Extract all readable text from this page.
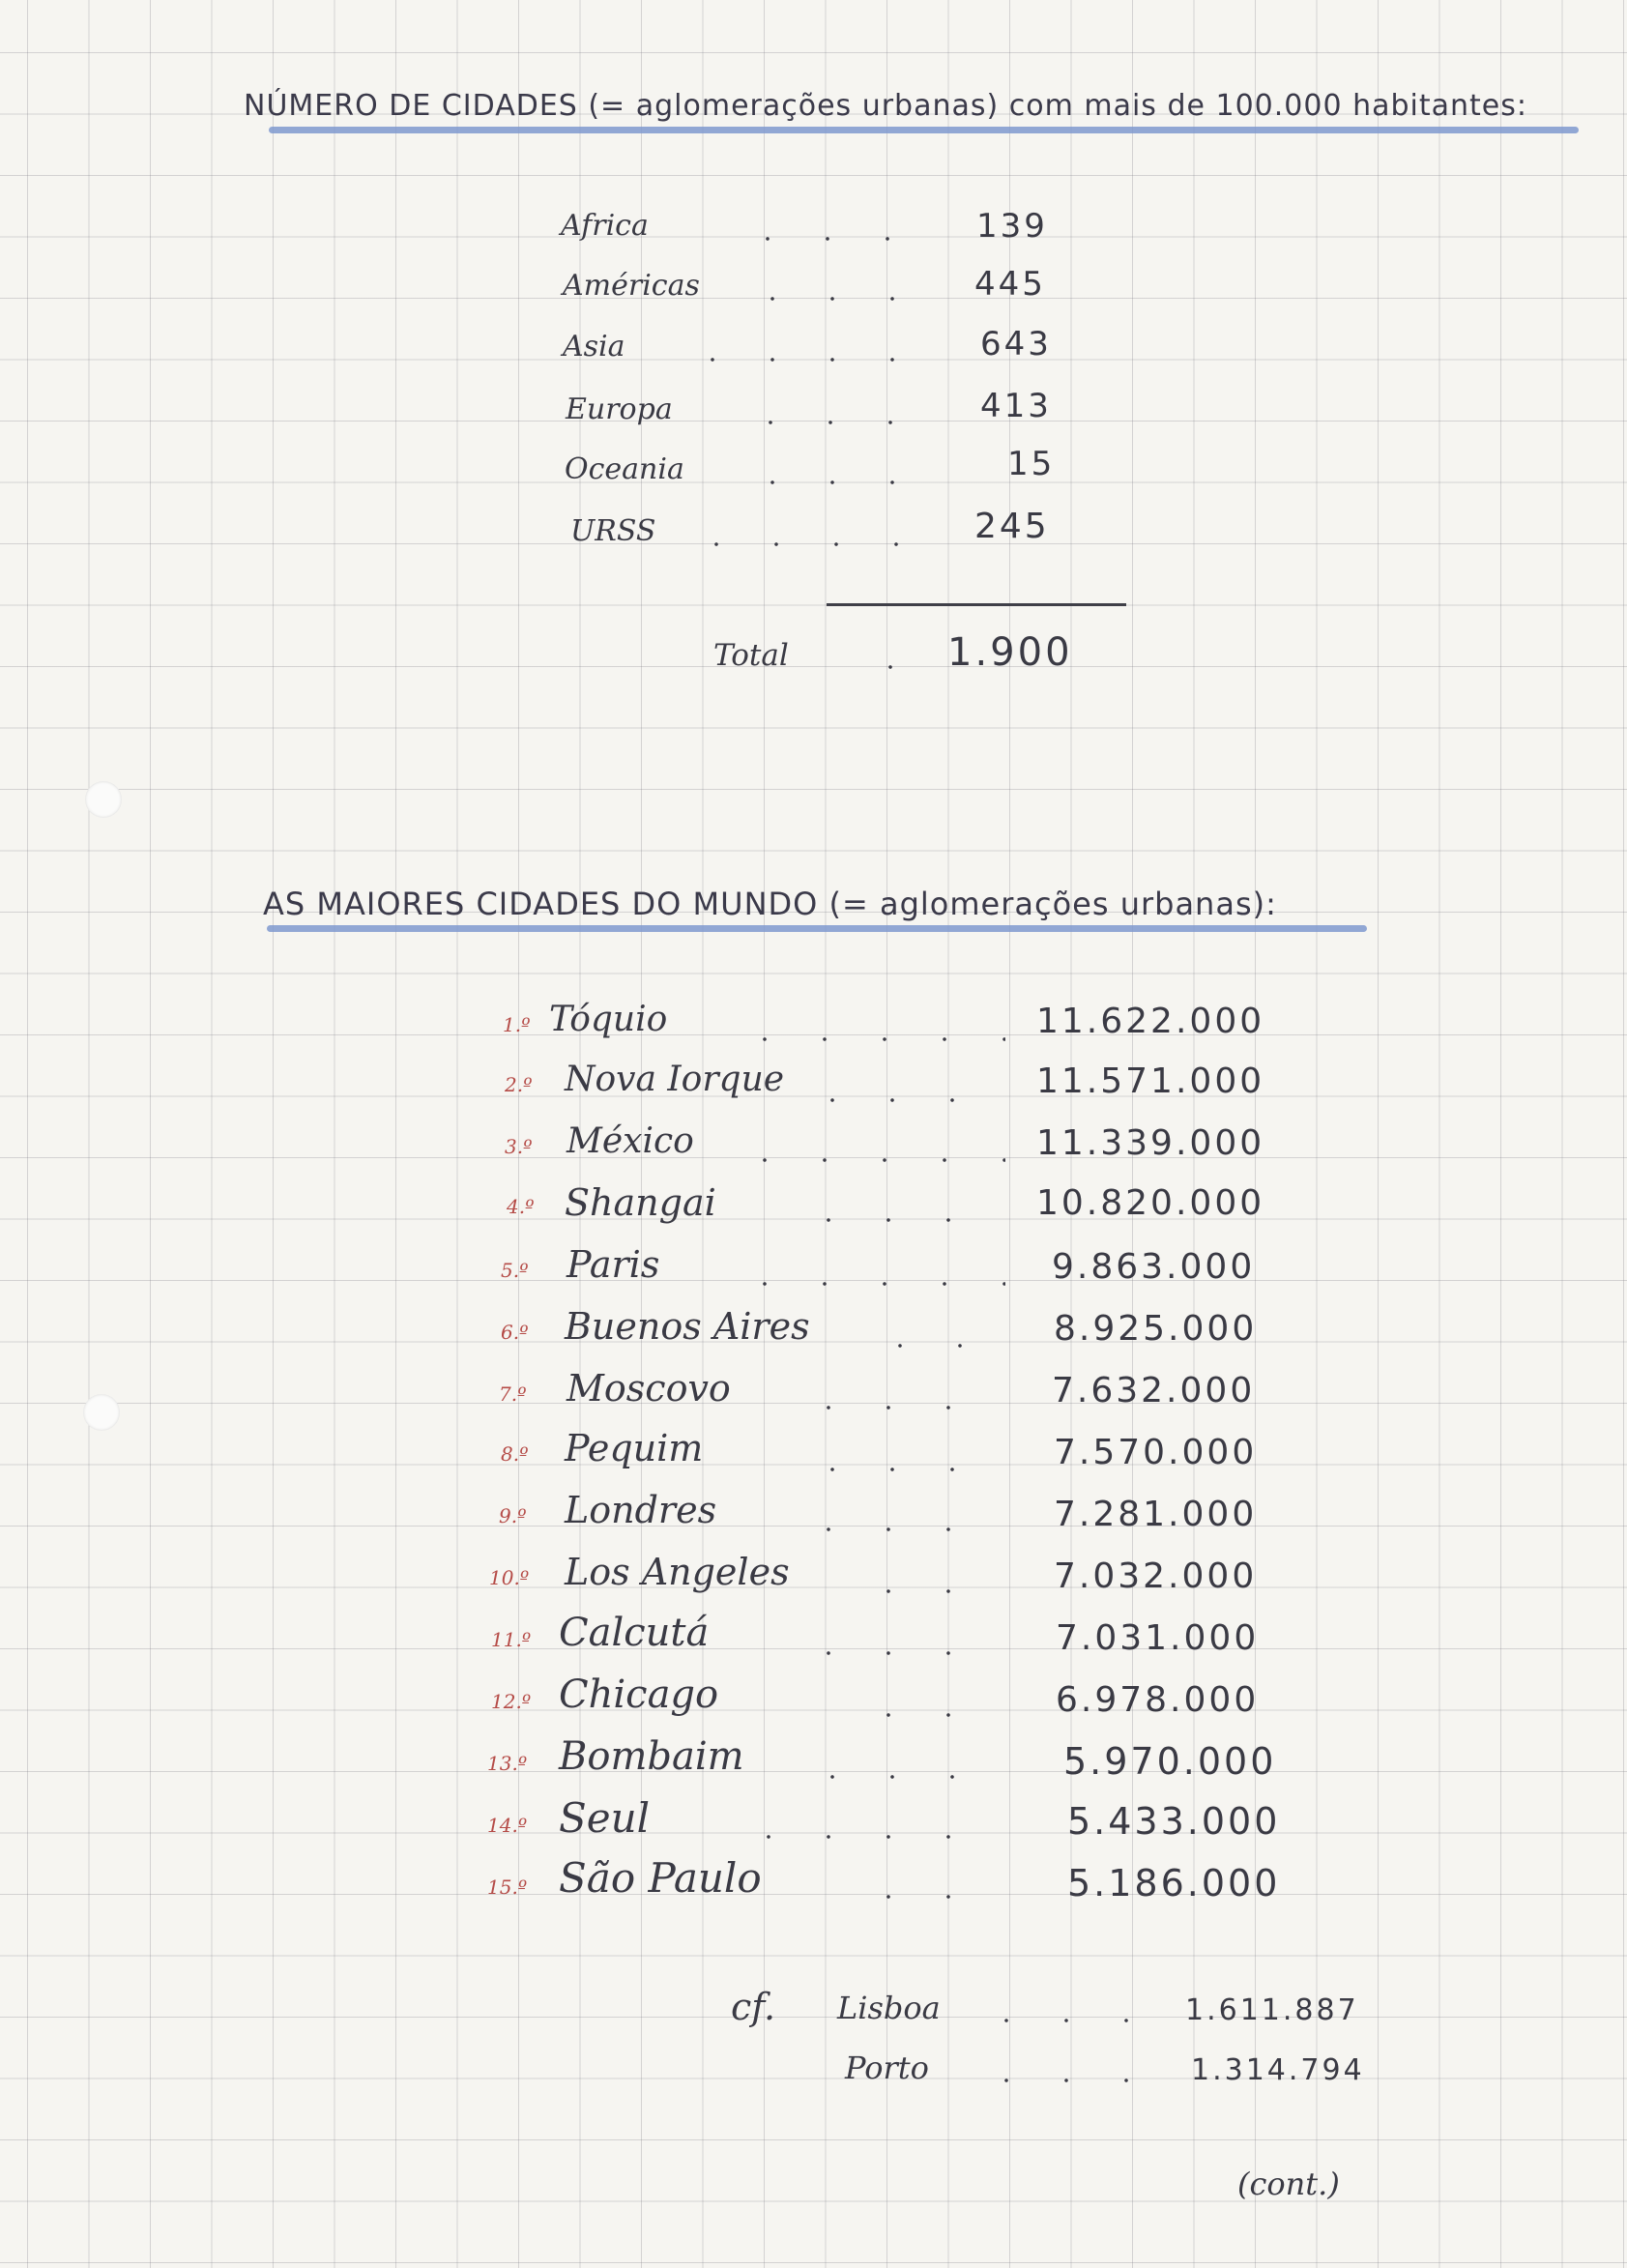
NÚMERO DE CIDADES (= aglomerações urbanas) com mais de 100.000 habitantes:
Africa	139
Américas	445
Asia	643
Europa	413
Oceania	15
URSS	245
Total	1.900
AS MAIORES CIDADES DO MUNDO (= aglomerações urbanas):
1.º Tóquio	11.622.000
2.º Nova Iorque	11.571.000
3.º México	11.339.000
4.º Shangai	10.820.000
5.º Paris	9.863.000
6.º Buenos Aires	8.925.000
7.º Moscovo	7.632.000
8.º Pequim	7.570.000
9.º Londres	7.281.000
10.º Los Angeles	7.032.000
11.º Calcutá	7.031.000
12.º Chicago	6.978.000
13.º Bombaim	5.970.000
14.º Seul	5.433.000
15.º São Paulo	5.186.000
cf. Lisboa	1.611.887
Porto	1.314.794
(cont.)
